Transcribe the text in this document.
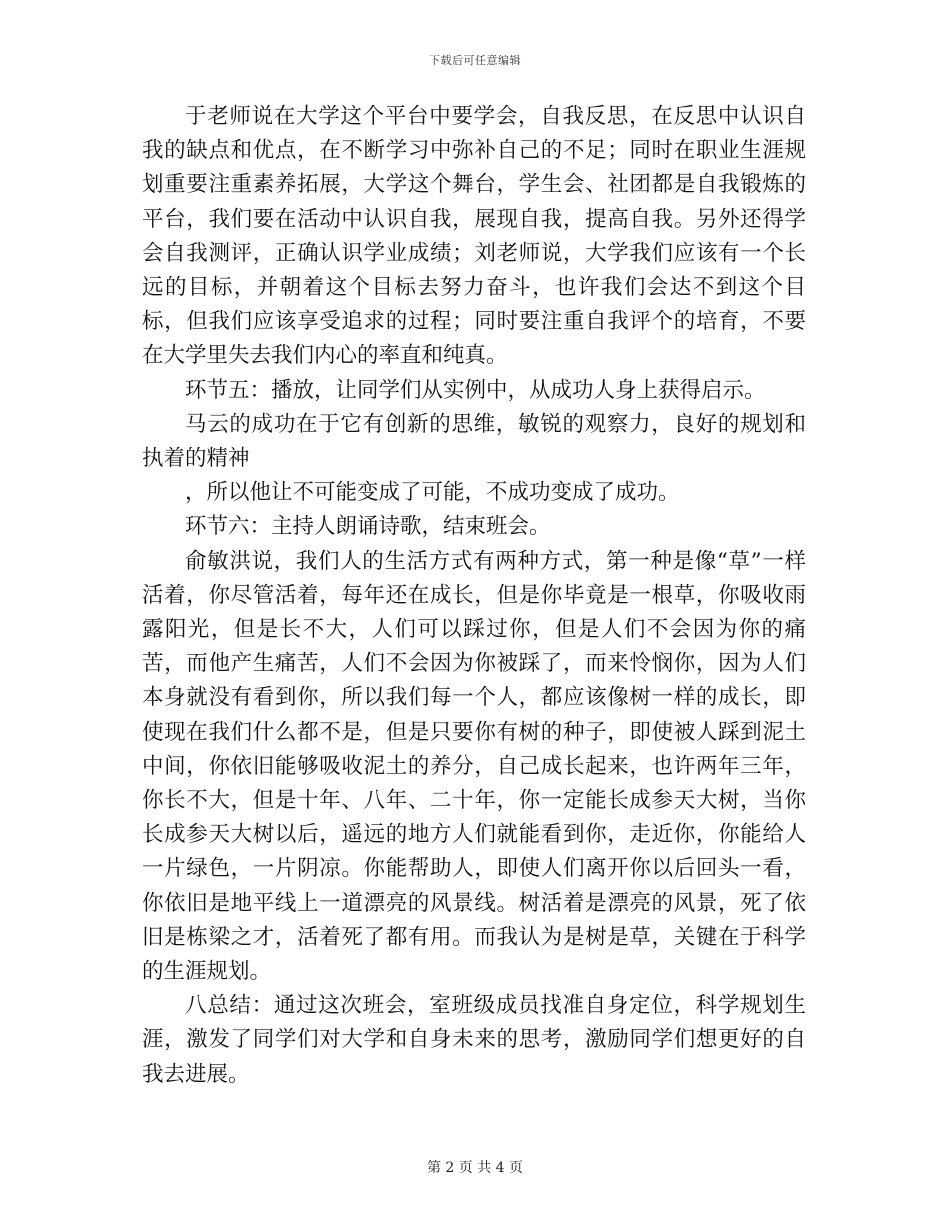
下载后可任意编辑

于老师说在大学这个平台中要学会，自我反思，在反思中认识自我的缺点和优点，在不断学习中弥补自己的不足；同时在职业生涯规划重要注重素养拓展，大学这个舞台，学生会、社团都是自我锻炼的平台，我们要在活动中认识自我，展现自我，提高自我。另外还得学会自我测评，正确认识学业成绩；刘老师说，大学我们应该有一个长远的目标，并朝着这个目标去努力奋斗，也许我们会达不到这个目标，但我们应该享受追求的过程；同时要注重自我评个的培育，不要在大学里失去我们内心的率直和纯真。

环节五：播放，让同学们从实例中，从成功人身上获得启示。

马云的成功在于它有创新的思维，敏锐的观察力，良好的规划和执着的精神

，所以他让不可能变成了可能，不成功变成了成功。

环节六：主持人朗诵诗歌，结束班会。

俞敏洪说，我们人的生活方式有两种方式，第一种是像“草”一样活着，你尽管活着，每年还在成长，但是你毕竟是一根草，你吸收雨露阳光，但是长不大，人们可以踩过你，但是人们不会因为你的痛苦，而他产生痛苦，人们不会因为你被踩了，而来怜悯你，因为人们本身就没有看到你，所以我们每一个人，都应该像树一样的成长，即使现在我们什么都不是，但是只要你有树的种子，即使被人踩到泥土中间，你依旧能够吸收泥土的养分，自己成长起来，也许两年三年，你长不大，但是十年、八年、二十年，你一定能长成参天大树，当你长成参天大树以后，遥远的地方人们就能看到你，走近你，你能给人一片绿色，一片阴凉。你能帮助人，即使人们离开你以后回头一看，你依旧是地平线上一道漂亮的风景线。树活着是漂亮的风景，死了依旧是栋梁之才，活着死了都有用。而我认为是树是草，关键在于科学的生涯规划。

八总结：通过这次班会，室班级成员找准自身定位，科学规划生涯，激发了同学们对大学和自身未来的思考，激励同学们想更好的自我去进展。

第 2 页 共 4 页
